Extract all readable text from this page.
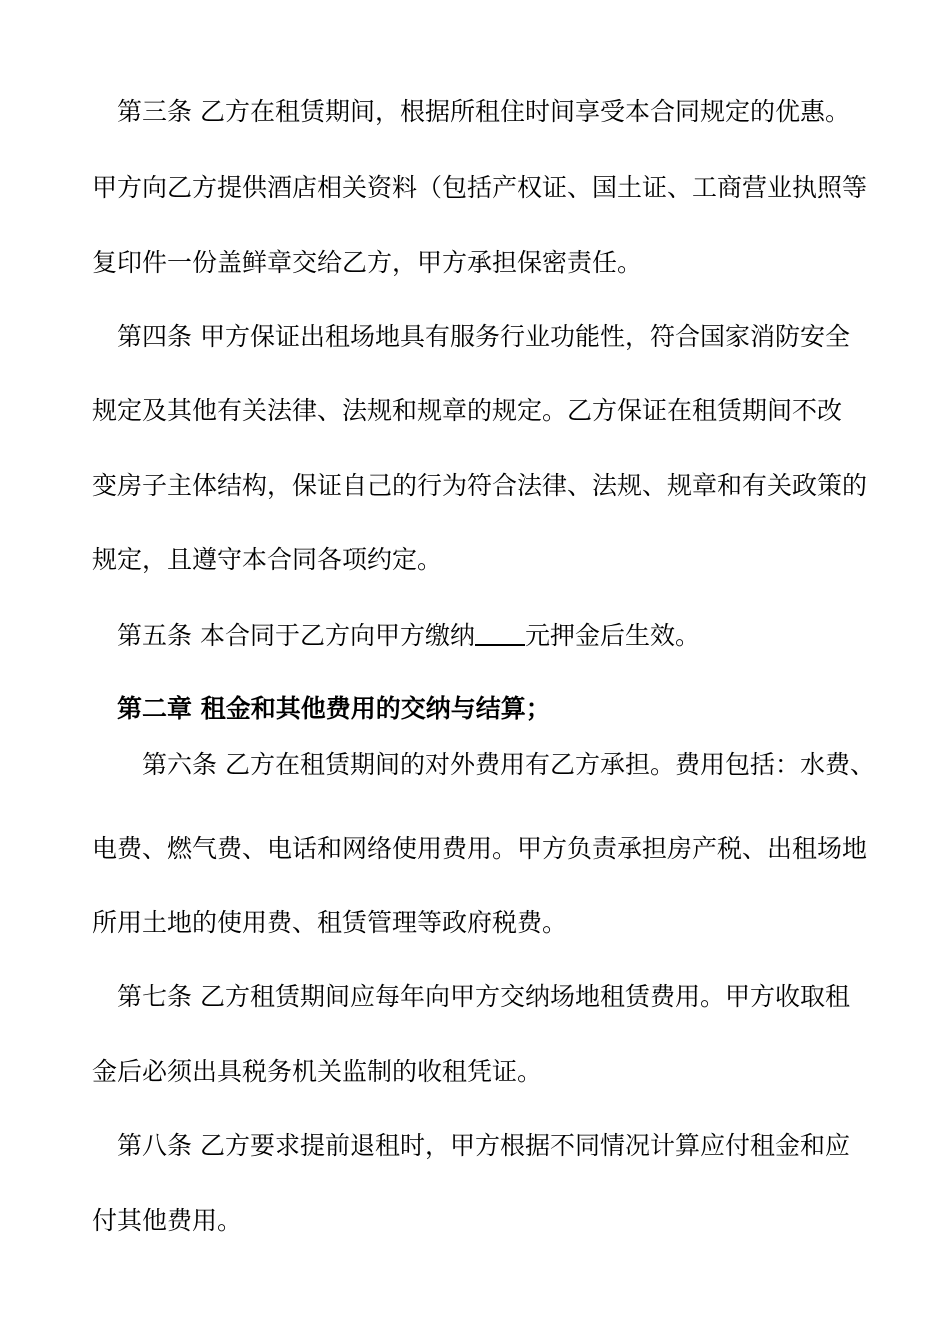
第三条 乙方在租赁期间，根据所租住时间享受本合同规定的优惠。
甲方向乙方提供酒店相关资料（包括产权证、国土证、工商营业执照等
复印件一份盖鲜章交给乙方，甲方承担保密责任。
第四条 甲方保证出租场地具有服务行业功能性，符合国家消防安全
规定及其他有关法律、法规和规章的规定。乙方保证在租赁期间不改
变房子主体结构，保证自己的行为符合法律、法规、规章和有关政策的
规定，且遵守本合同各项约定。
第五条 本合同于乙方向甲方缴纳 元押金后生效。
第二章 租金和其他费用的交纳与结算；
第六条 乙方在租赁期间的对外费用有乙方承担。费用包括：水费、
电费、燃气费、电话和网络使用费用。甲方负责承担房产税、出租场地
所用土地的使用费、租赁管理等政府税费。
第七条 乙方租赁期间应每年向甲方交纳场地租赁费用。甲方收取租
金后必须出具税务机关监制的收租凭证。
第八条 乙方要求提前退租时，甲方根据不同情况计算应付租金和应
付其他费用。
